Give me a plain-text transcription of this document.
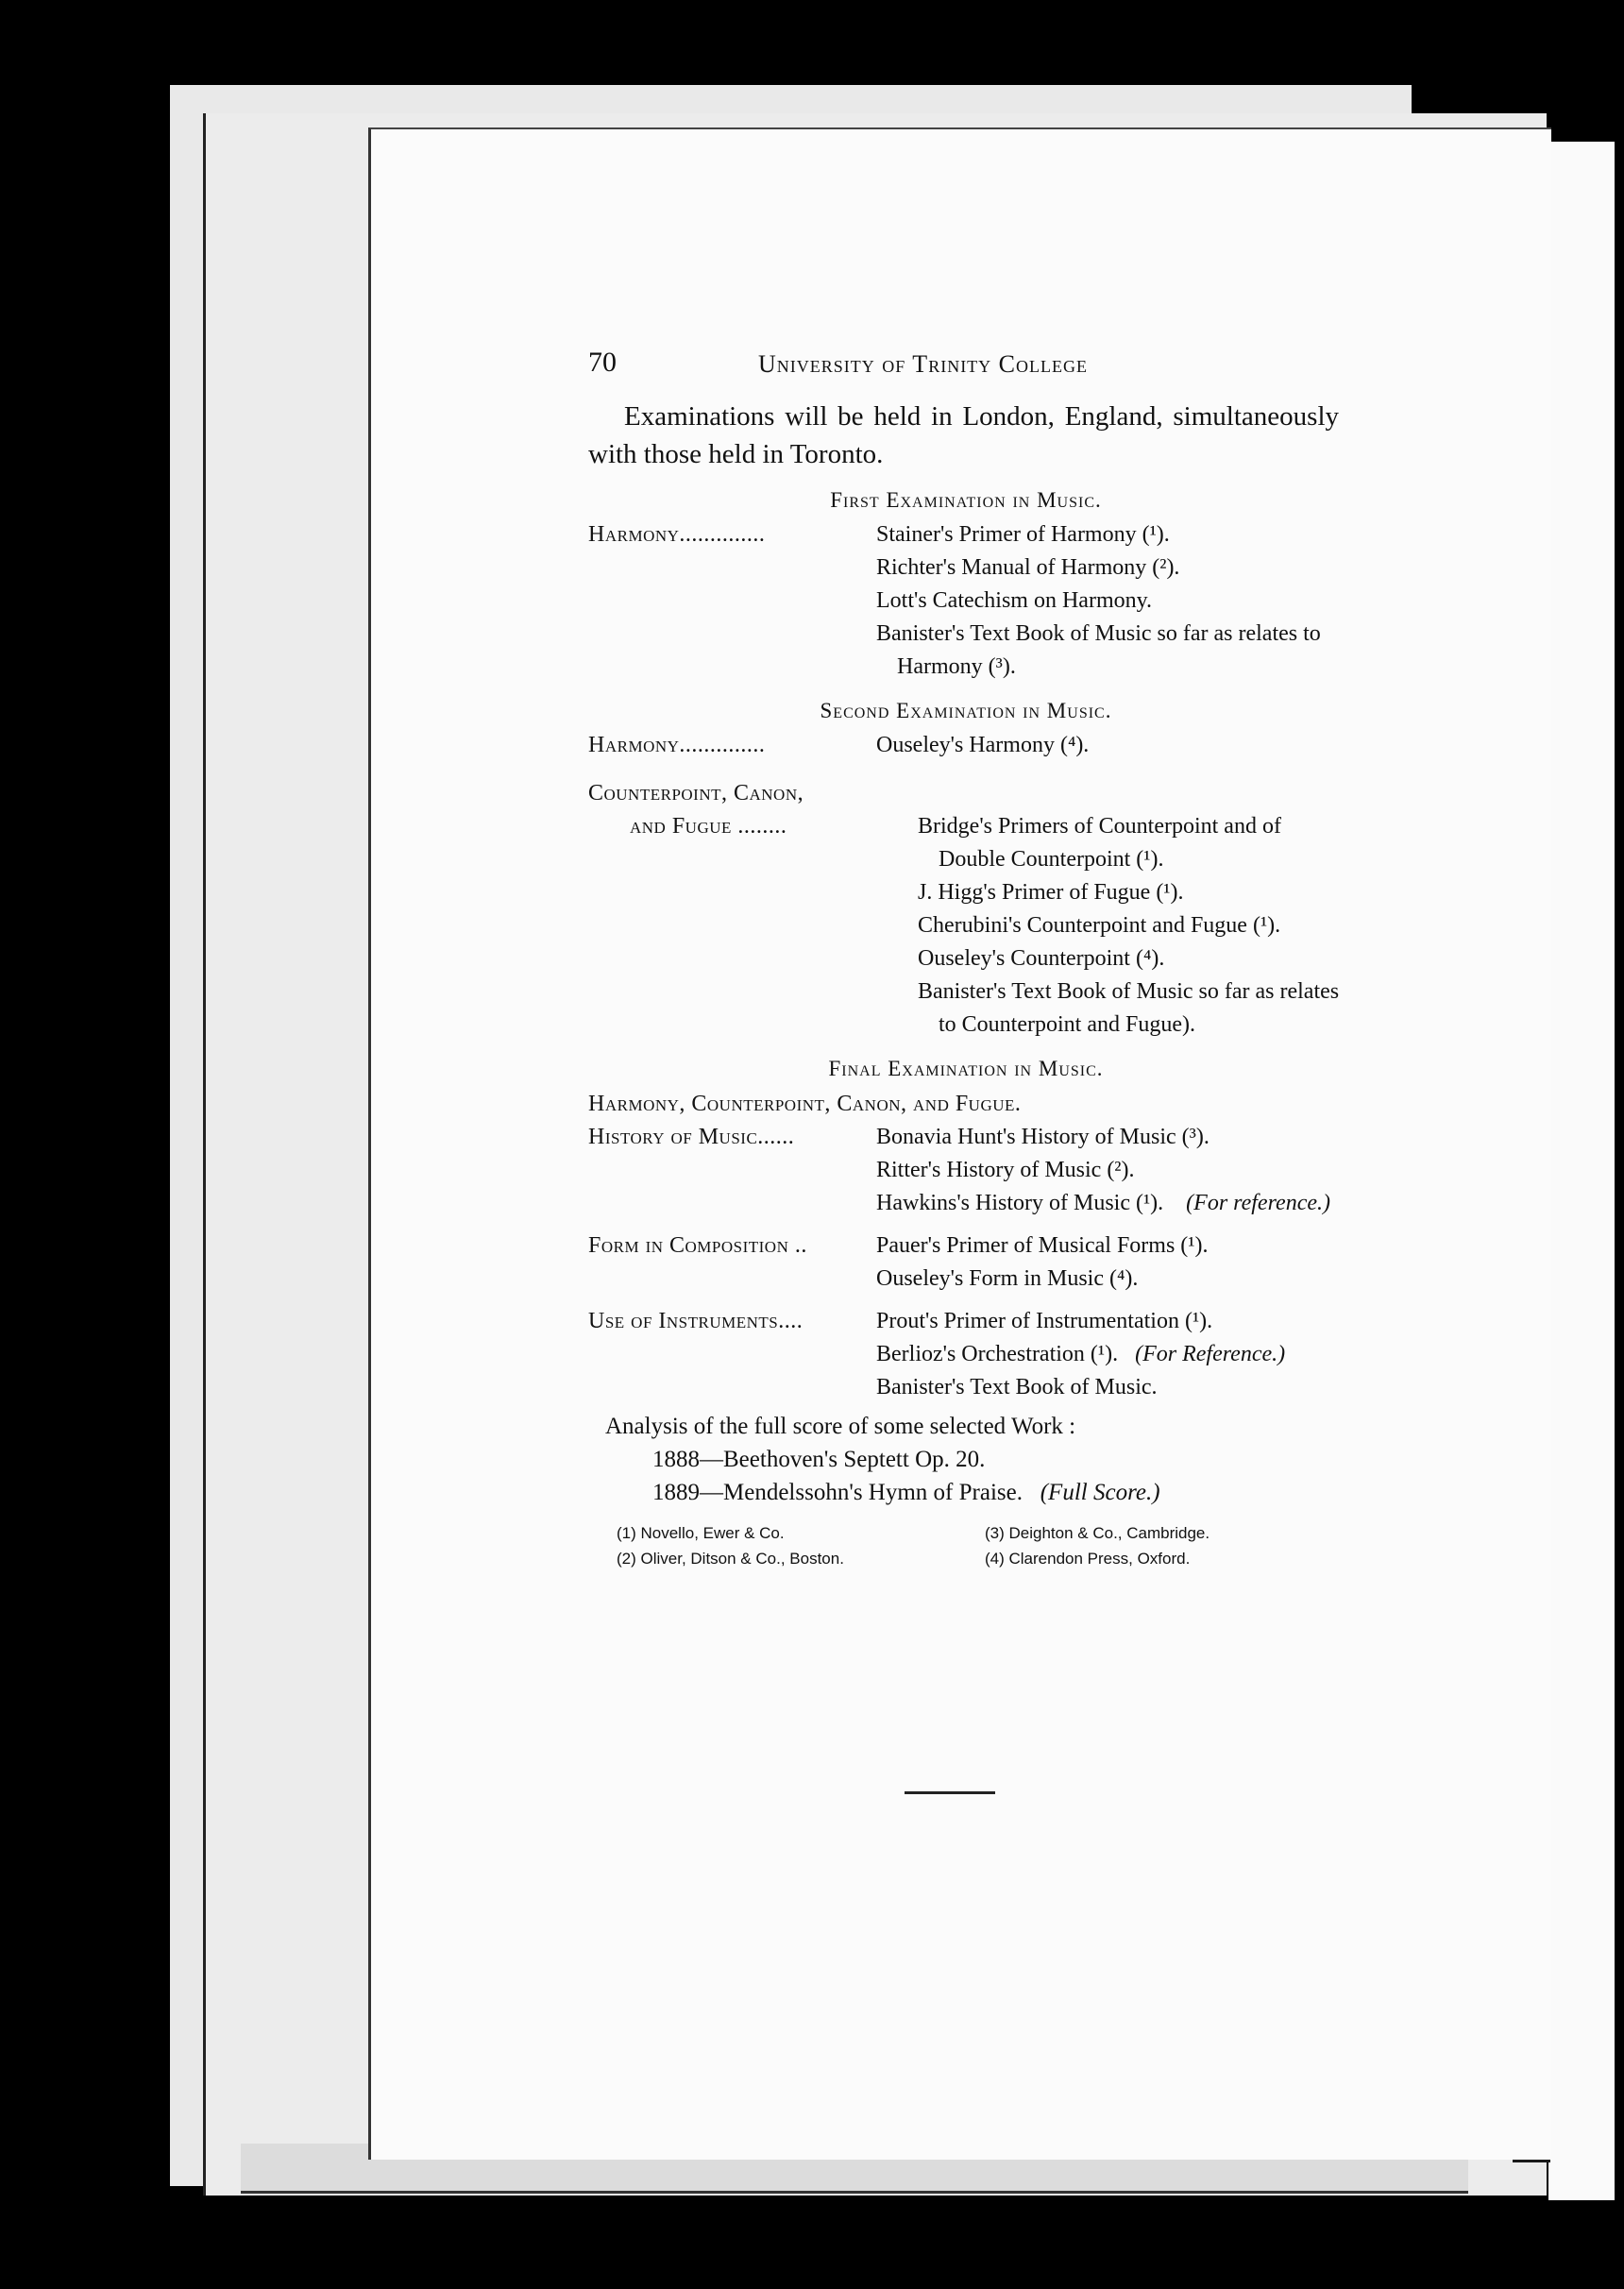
70	University of Trinity College
Examinations will be held in London, England, simultaneously with those held in Toronto.
First Examination in Music.
Harmony..............	Stainer's Primer of Harmony (¹).
Richter's Manual of Harmony (²).
Lott's Catechism on Harmony.
Banister's Text Book of Music so far as relates to Harmony (³).
Second Examination in Music.
Harmony..............	Ouseley's Harmony (⁴).
Counterpoint, Canon,
and Fugue ........	Bridge's Primers of Counterpoint and of Double Counterpoint (¹).
J. Higg's Primer of Fugue (¹).
Cherubini's Counterpoint and Fugue (¹).
Ouseley's Counterpoint (⁴).
Banister's Text Book of Music so far as relates to Counterpoint and Fugue).
Final Examination in Music.
Harmony, Counterpoint, Canon, and Fugue.
History of Music......	Bonavia Hunt's History of Music (³).
Ritter's History of Music (²).
Hawkins's History of Music (¹). (For reference.)
Form in Composition ..	Pauer's Primer of Musical Forms (¹).
Ouseley's Form in Music (⁴).
Use of Instruments....	Prout's Primer of Instrumentation (¹).
Berlioz's Orchestration (¹). (For Reference.)
Banister's Text Book of Music.
Analysis of the full score of some selected Work :
1888—Beethoven's Septett Op. 20.
1889—Mendelssohn's Hymn of Praise. (Full Score.)
(1) Novello, Ewer & Co.	(3) Deighton & Co., Cambridge.
(2) Oliver, Ditson & Co., Boston.	(4) Clarendon Press, Oxford.
